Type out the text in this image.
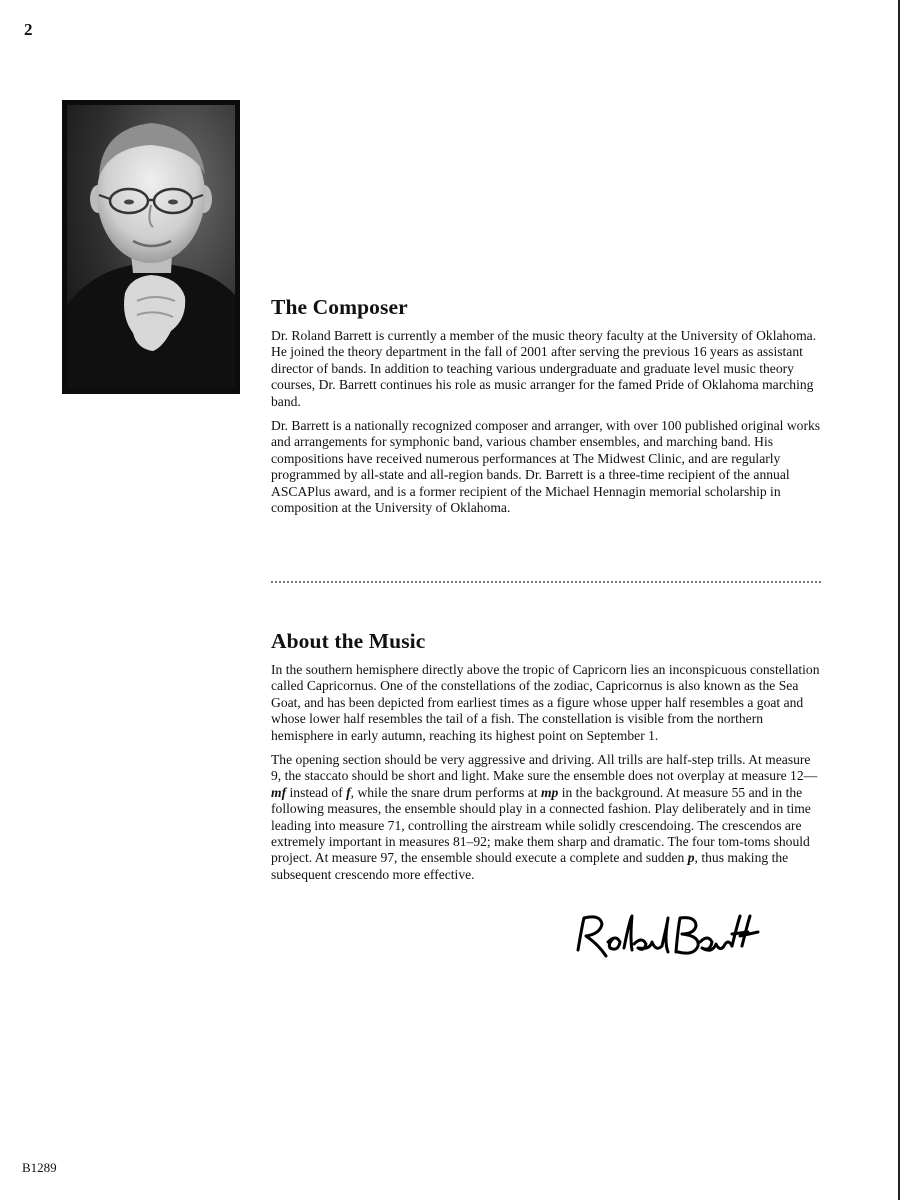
2
The Composer

Dr. Roland Barrett is currently a member of the music theory faculty at the University of Oklahoma. He joined the theory department in the fall of 2001 after serving the previous 16 years as assistant director of bands. In addition to teaching various undergraduate and graduate level music theory courses, Dr. Barrett continues his role as music arranger for the famed Pride of Oklahoma marching band.

Dr. Barrett is a nationally recognized composer and arranger, with over 100 published original works and arrangements for symphonic band, various chamber ensembles, and marching band. His compositions have received numerous performances at The Midwest Clinic, and are regularly programmed by all-state and all-region bands. Dr. Barrett is a three-time recipient of the annual ASCAPlus award, and is a former recipient of the Michael Hennagin memorial scholarship in composition at the University of Oklahoma.

About the Music

In the southern hemisphere directly above the tropic of Capricorn lies an inconspicuous constellation called Capricornus. One of the constellations of the zodiac, Capricornus is also known as the Sea Goat, and has been depicted from earliest times as a figure whose upper half resembles a goat and whose lower half resembles the tail of a fish. The constellation is visible from the northern hemisphere in early autumn, reaching its highest point on September 1.

The opening section should be very aggressive and driving. All trills are half-step trills. At measure 9, the staccato should be short and light. Make sure the ensemble does not overplay at measure 12—mf instead of f, while the snare drum performs at mp in the background. At measure 55 and in the following measures, the ensemble should play in a connected fashion. Play deliberately and in time leading into measure 71, controlling the airstream while solidly crescendoing. The crescendos are extremely important in measures 81–92; make them sharp and dramatic. The four tom-toms should project. At measure 97, the ensemble should execute a complete and sudden p, thus making the subsequent crescendo more effective.

B1289
